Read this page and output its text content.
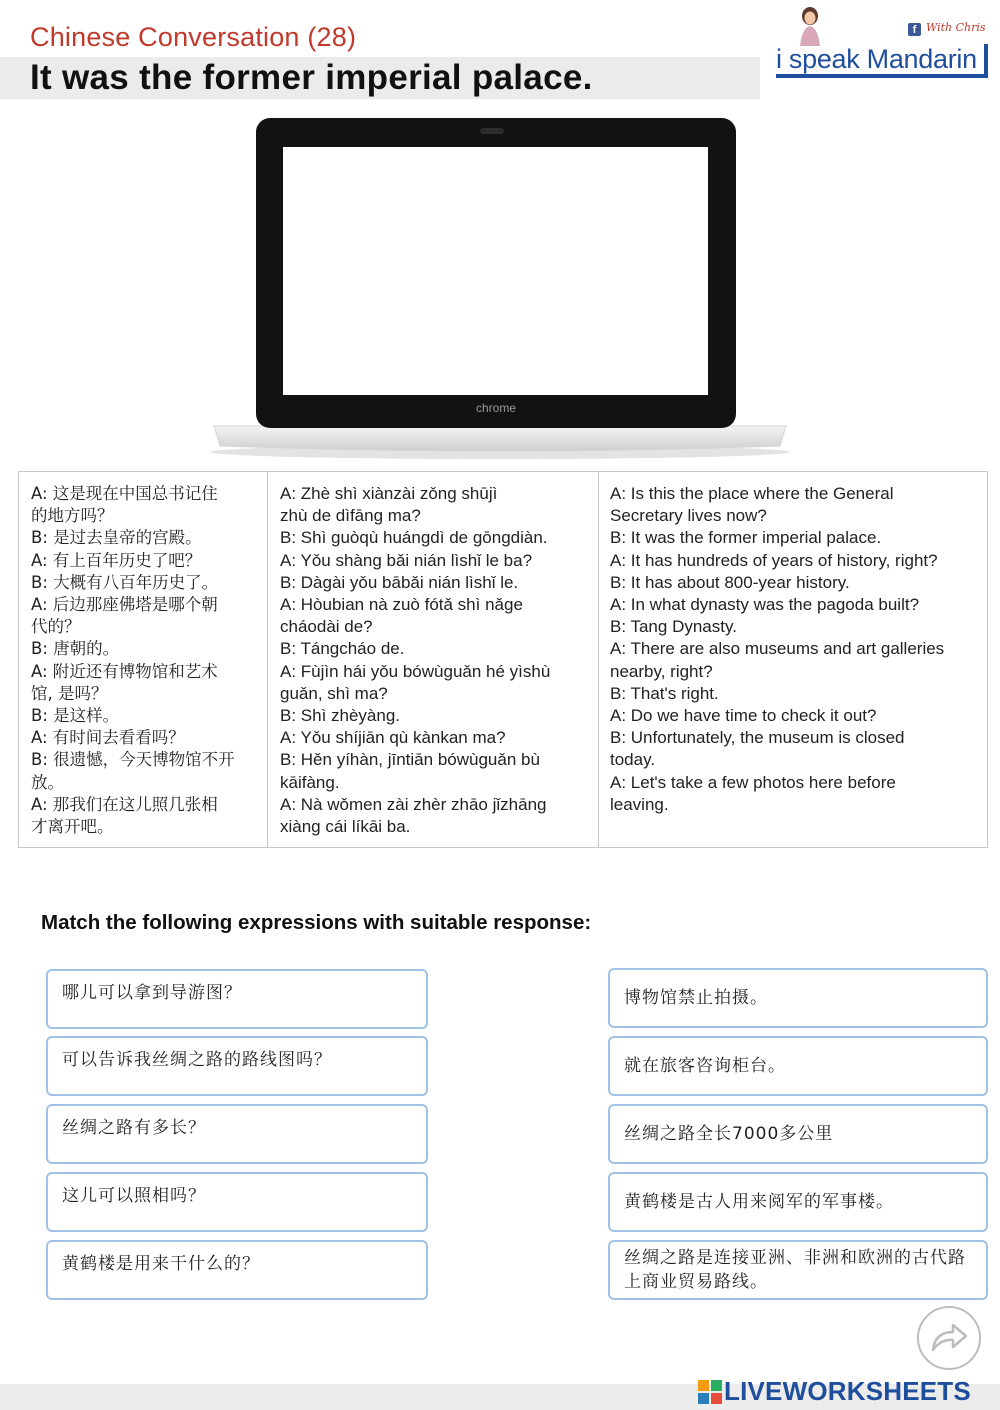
Chinese Conversation (28)
It was the former imperial palace.
f With Chris
i speak Mandarin
chrome
A: 这是现在中国总书记住
的地方吗？
B: 是过去皇帝的宫殿。
A: 有上百年历史了吧？
B: 大概有八百年历史了。
A: 后边那座佛塔是哪个朝
代的？
B: 唐朝的。
A: 附近还有博物馆和艺术
馆, 是吗？
B: 是这样。
A: 有时间去看看吗？
B: 很遗憾，今天博物馆不开
放。
A: 那我们在这儿照几张相
才离开吧。
A: Zhè shì xiànzài zǒng shūjì
zhù de dìfāng ma?
B: Shì guòqù huángdì de gōngdiàn.
A: Yǒu shàng bǎi nián lìshǐ le ba?
B: Dàgài yǒu bābǎi nián lìshǐ le.
A: Hòubian nà zuò fótǎ shì nǎge
cháodài de?
B: Tángcháo de.
A: Fùjìn hái yǒu bówùguǎn hé yìshù
guǎn, shì ma?
B: Shì zhèyàng.
A: Yǒu shíjiān qù kànkan ma?
B: Hěn yíhàn, jīntiān bówùguǎn bù
kāifàng.
A: Nà wǒmen zài zhèr zhāo jǐzhāng
xiàng cái líkāi ba.
A: Is this the place where the General
Secretary lives now?
B: It was the former imperial palace.
A: It has hundreds of years of history, right?
B: It has about 800-year history.
A: In what dynasty was the pagoda built?
B: Tang Dynasty.
A: There are also museums and art galleries
nearby, right?
B: That's right.
A: Do we have time to check it out?
B: Unfortunately, the museum is closed
today.
A: Let's take a few photos here before
leaving.
Match the following expressions with suitable response:
哪儿可以拿到导游图？
可以告诉我丝绸之路的路线图吗？
丝绸之路有多长？
这儿可以照相吗？
黄鹤楼是用来干什么的？
博物馆禁止拍摄。
就在旅客咨询柜台。
丝绸之路全长7000多公里
黄鹤楼是古人用来阅军的军事楼。
丝绸之路是连接亚洲、非洲和欧洲的古代路上商业贸易路线。
LIVEWORKSHEETS
